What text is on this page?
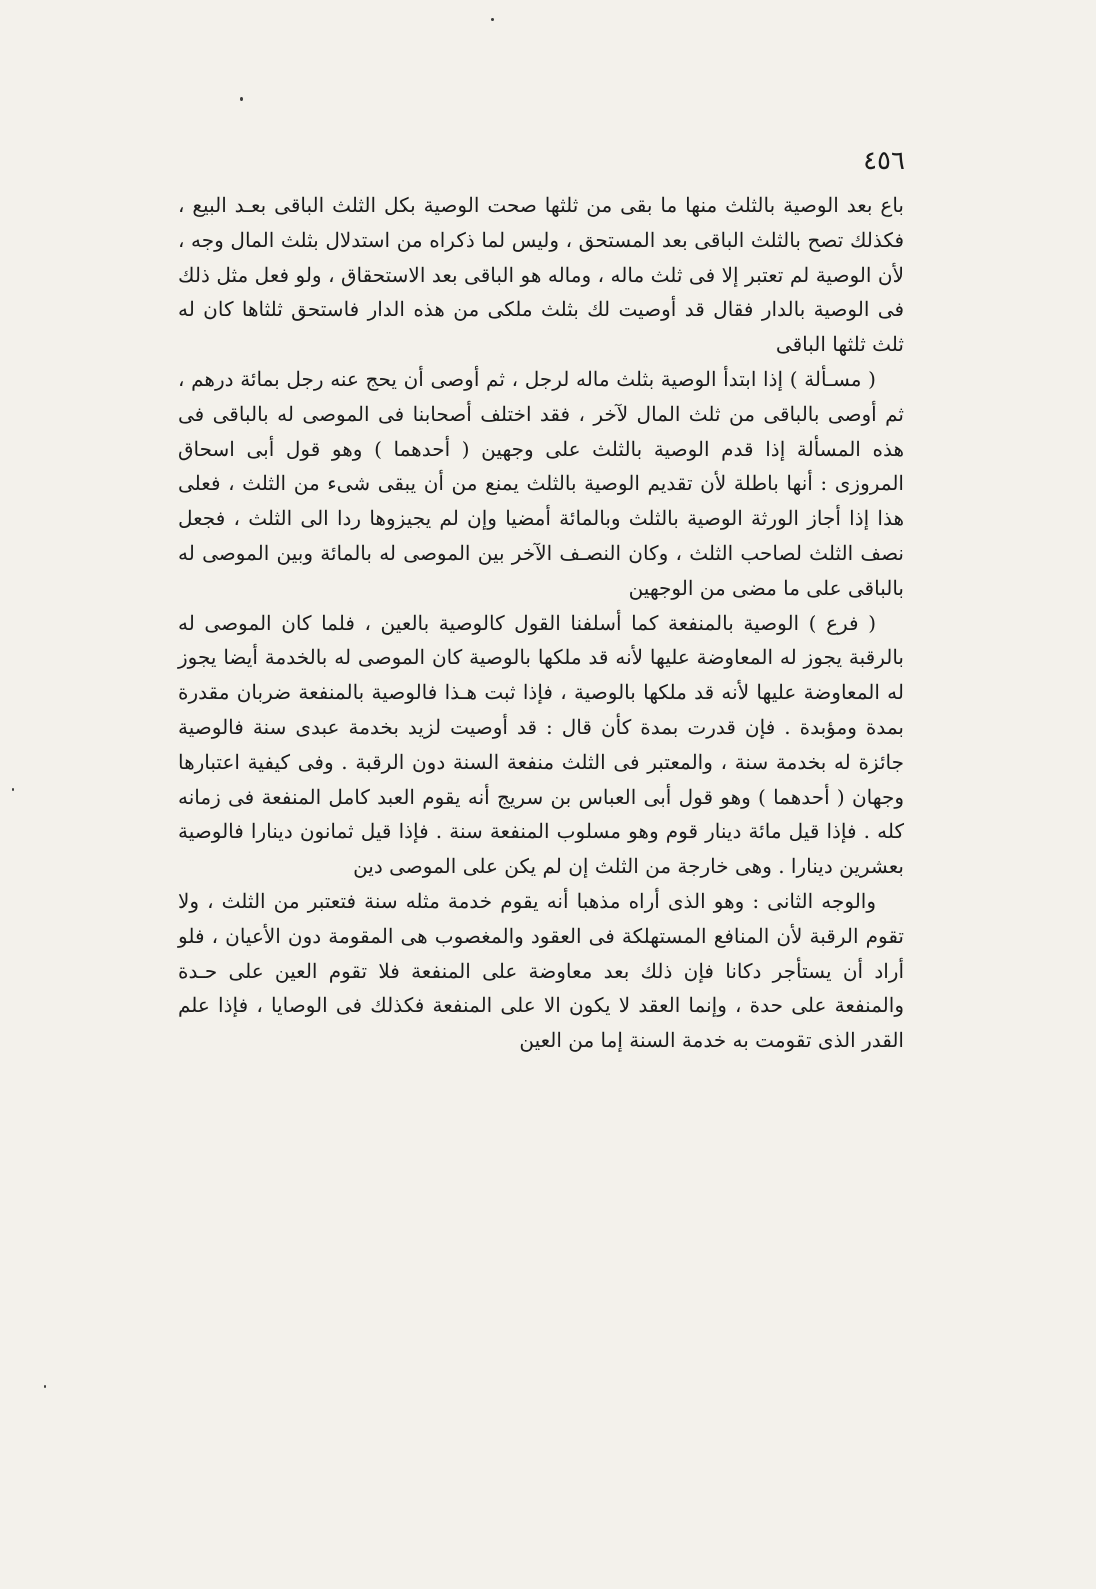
٤٥٦

باع بعد الوصية بالثلث منها ما بقى من ثلثها صحت الوصية بكل الثلث الباقى بعـد البيع ، فكذلك تصح بالثلث الباقى بعد المستحق ، وليس لما ذكراه من استدلال بثلث المال وجه ، لأن الوصية لم تعتبر إلا فى ثلث ماله ، وماله هو الباقى بعد الاستحقاق ، ولو فعل مثل ذلك فى الوصية بالدار فقال قد أوصيت لك بثلث ملكى من هذه الدار فاستحق ثلثاها كان له ثلث ثلثها الباقى

( مسـألة ) إذا ابتدأ الوصية بثلث ماله لرجل ، ثم أوصى أن يحج عنه رجل بمائة درهم ، ثم أوصى بالباقى من ثلث المال لآخر ، فقد اختلف أصحابنا فى الموصى له بالباقى فى هذه المسألة إذا قدم الوصية بالثلث على وجهين ( أحدهما ) وهو قول أبى اسحاق المروزى : أنها باطلة لأن تقديم الوصية بالثلث يمنع من أن يبقى شىء من الثلث ، فعلى هذا إذا أجاز الورثة الوصية بالثلث وبالمائة أمضيا وإن لم يجيزوها ردا الى الثلث ، فجعل نصف الثلث لصاحب الثلث ، وكان النصـف الآخر بين الموصى له بالمائة وبين الموصى له بالباقى على ما مضى من الوجهين

( فرع ) الوصية بالمنفعة كما أسلفنا القول كالوصية بالعين ، فلما كان الموصى له بالرقبة يجوز له المعاوضة عليها لأنه قد ملكها بالوصية كان الموصى له بالخدمة أيضا يجوز له المعاوضة عليها لأنه قد ملكها بالوصية ، فإذا ثبت هـذا فالوصية بالمنفعة ضربان مقدرة بمدة ومؤبدة . فإن قدرت بمدة كأن قال : قد أوصيت لزيد بخدمة عبدى سنة فالوصية جائزة له بخدمة سنة ، والمعتبر فى الثلث منفعة السنة دون الرقبة . وفى كيفية اعتبارها وجهان ( أحدهما ) وهو قول أبى العباس بن سريج أنه يقوم العبد كامل المنفعة فى زمانه كله . فإذا قيل مائة دينار قوم وهو مسلوب المنفعة سنة . فإذا قيل ثمانون دينارا فالوصية بعشرين دينارا . وهى خارجة من الثلث إن لم يكن على الموصى دين

والوجه الثانى : وهو الذى أراه مذهبا أنه يقوم خدمة مثله سنة فتعتبر من الثلث ، ولا تقوم الرقبة لأن المنافع المستهلكة فى العقود والمغصوب هى المقومة دون الأعيان ، فلو أراد أن يستأجر دكانا فإن ذلك بعد معاوضة على المنفعة فلا تقوم العين على حـدة والمنفعة على حدة ، وإنما العقد لا يكون الا على المنفعة فكذلك فى الوصايا ، فإذا علم القدر الذى تقومت به خدمة السنة إما من العين
